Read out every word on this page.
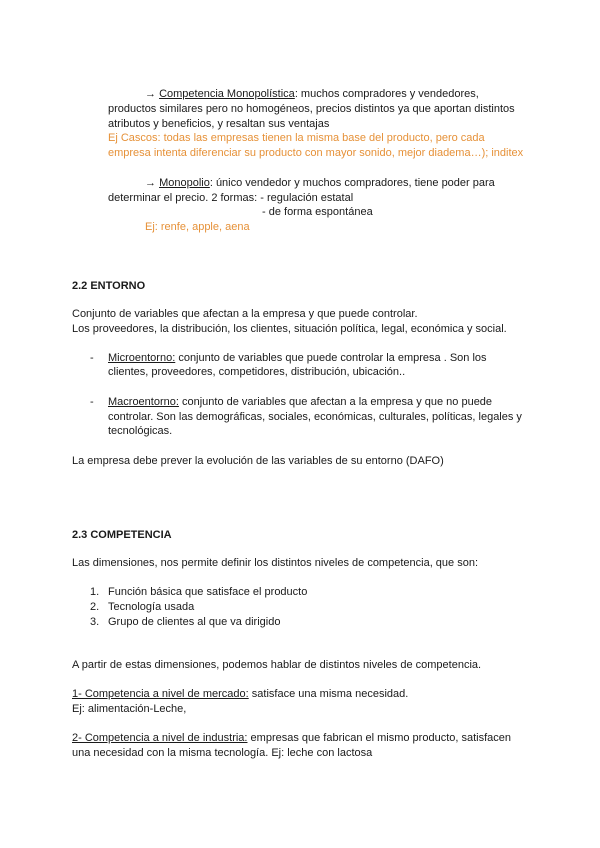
→ Competencia Monopolística: muchos compradores y vendedores,
productos similares pero no homogéneos, precios distintos ya que aportan distintos
atributos y beneficios, y resaltan sus ventajas
Ej Cascos: todas las empresas tienen la misma base del producto, pero cada
empresa intenta diferenciar su producto con mayor sonido, mejor diadema…); inditex
→ Monopolio: único vendedor y muchos compradores, tiene poder para
determinar el precio. 2 formas: - regulación estatal
- de forma espontánea
Ej: renfe, apple, aena
2.2 ENTORNO
Conjunto de variables que afectan a la empresa y que puede controlar.
Los proveedores, la distribución, los clientes, situación política, legal, económica y social.
- Microentorno: conjunto de variables que puede controlar la empresa . Son los
clientes, proveedores, competidores, distribución, ubicación..
- Macroentorno: conjunto de variables que afectan a la empresa y que no puede
controlar. Son las demográficas, sociales, económicas, culturales, políticas, legales y
tecnológicas.
La empresa debe prever la evolución de las variables de su entorno (DAFO)
2.3 COMPETENCIA
Las dimensiones, nos permite definir los distintos niveles de competencia, que son:
1. Función básica que satisface el producto
2. Tecnología usada
3. Grupo de clientes al que va dirigido
A partir de estas dimensiones, podemos hablar de distintos niveles de competencia.
1- Competencia a nivel de mercado: satisface una misma necesidad.
Ej: alimentación-Leche,
2- Competencia a nivel de industria: empresas que fabrican el mismo producto, satisfacen
una necesidad con la misma tecnología. Ej: leche con lactosa
